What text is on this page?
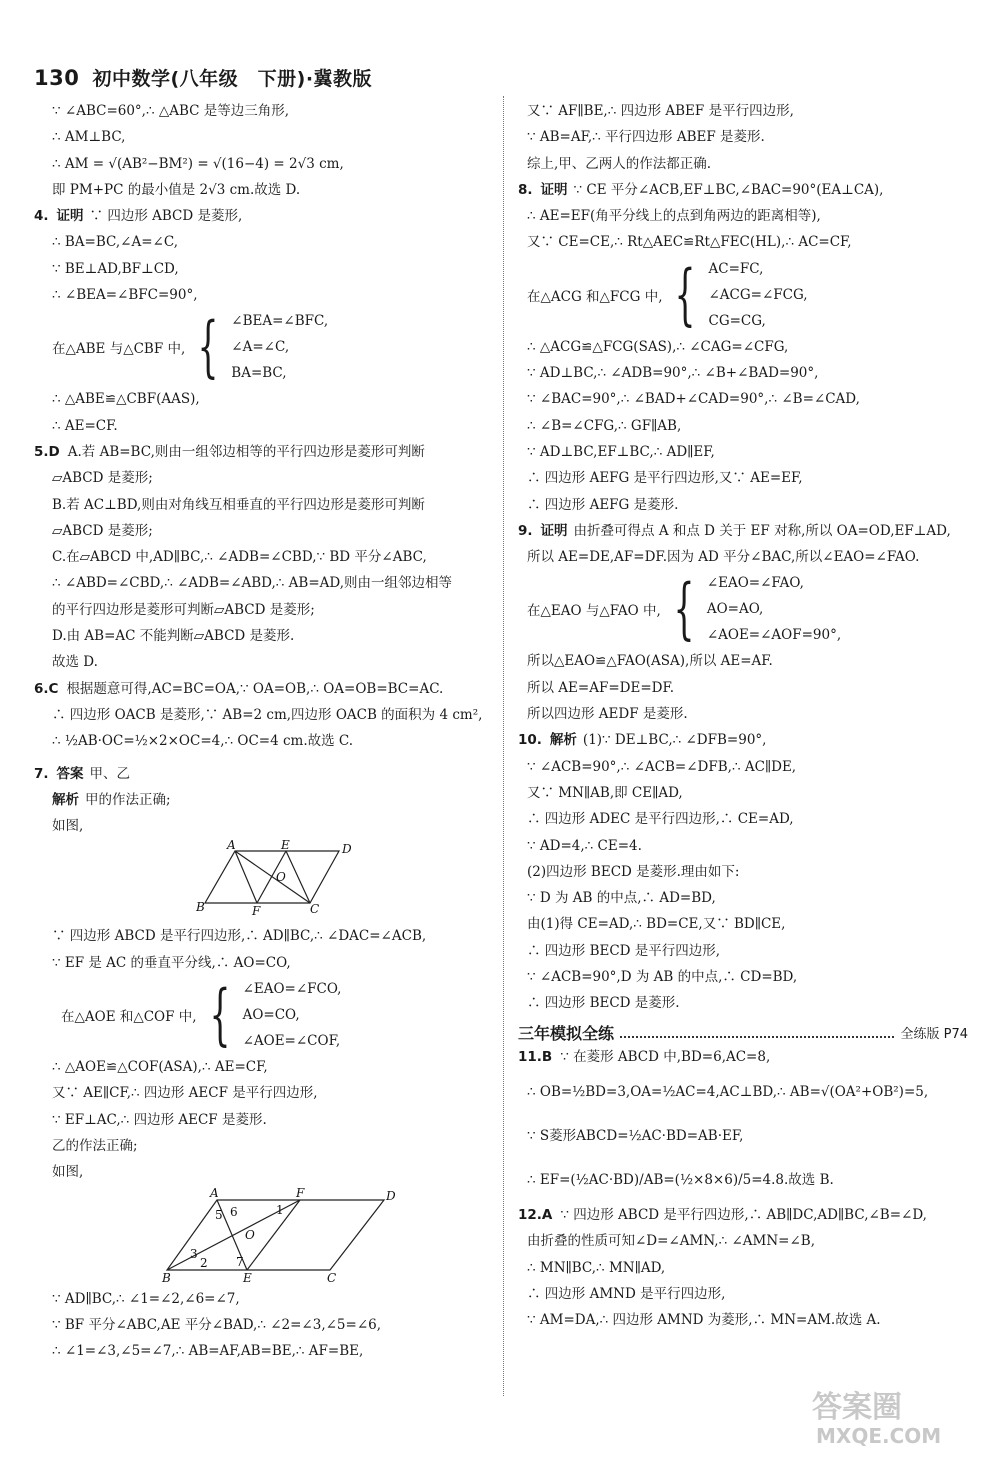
130 初中数学(八年级　下册)·冀教版
∵ ∠ABC=60°,∴ △ABC 是等边三角形,
∴ AM⊥BC,
∴ AM = √(AB²−BM²) = √(16−4) = 2√3 cm,
即 PM+PC 的最小值是 2√3 cm.故选 D.
4. 证明 ∵ 四边形 ABCD 是菱形,
∴ BA=BC,∠A=∠C,
∵ BE⊥AD,BF⊥CD,
∴ ∠BEA=∠BFC=90°,
在△ABE 与△CBF 中, { ∠BEA=∠BFC,
∠A=∠C,
BA=BC,
∴ △ABE≌△CBF(AAS),
∴ AE=CF.
5.D A.若 AB=BC,则由一组邻边相等的平行四边形是菱形可判断
▱ABCD 是菱形;
B.若 AC⊥BD,则由对角线互相垂直的平行四边形是菱形可判断
▱ABCD 是菱形;
C.在▱ABCD 中,AD∥BC,∴ ∠ADB=∠CBD,∵ BD 平分∠ABC,
∴ ∠ABD=∠CBD,∴ ∠ADB=∠ABD,∴ AB=AD,则由一组邻边相等
的平行四边形是菱形可判断▱ABCD 是菱形;
D.由 AB=AC 不能判断▱ABCD 是菱形.
故选 D.
6.C 根据题意可得,AC=BC=OA,∵ OA=OB,∴ OA=OB=BC=AC.
∴ 四边形 OACB 是菱形,∵ AB=2 cm,四边形 OACB 的面积为 4 cm²,
∴ ½AB·OC=½×2×OC=4,∴ OC=4 cm.故选 C.
7. 答案 甲、乙
解析 甲的作法正确;
如图,
A	E	D
O
B	F	C
∵ 四边形 ABCD 是平行四边形,∴ AD∥BC,∴ ∠DAC=∠ACB,
∵ EF 是 AC 的垂直平分线,∴ AO=CO,
在△AOE 和△COF 中, { ∠EAO=∠FCO,
AO=CO,
∠AOE=∠COF,
∴ △AOE≌△COF(ASA),∴ AE=CF,
又∵ AE∥CF,∴ 四边形 AECF 是平行四边形,
∵ EF⊥AC,∴ 四边形 AECF 是菱形.
乙的作法正确;
如图,
A	F	D
5 6	1
O
3
2 7
B	E	C
∵ AD∥BC,∴ ∠1=∠2,∠6=∠7,
∵ BF 平分∠ABC,AE 平分∠BAD,∴ ∠2=∠3,∠5=∠6,
∴ ∠1=∠3,∠5=∠7,∴ AB=AF,AB=BE,∴ AF=BE,
又∵ AF∥BE,∴ 四边形 ABEF 是平行四边形,
∵ AB=AF,∴ 平行四边形 ABEF 是菱形.
综上,甲、乙两人的作法都正确.
8. 证明 ∵ CE 平分∠ACB,EF⊥BC,∠BAC=90°(EA⊥CA),
∴ AE=EF(角平分线上的点到角两边的距离相等),
又∵ CE=CE,∴ Rt△AEC≌Rt△FEC(HL),∴ AC=CF,
在△ACG 和△FCG 中, { AC=FC,
∠ACG=∠FCG,
CG=CG,
∴ △ACG≌△FCG(SAS),∴ ∠CAG=∠CFG,
∵ AD⊥BC,∴ ∠ADB=90°,∴ ∠B+∠BAD=90°,
∵ ∠BAC=90°,∴ ∠BAD+∠CAD=90°,∴ ∠B=∠CAD,
∴ ∠B=∠CFG,∴ GF∥AB,
∵ AD⊥BC,EF⊥BC,∴ AD∥EF,
∴ 四边形 AEFG 是平行四边形,又∵ AE=EF,
∴ 四边形 AEFG 是菱形.
9. 证明 由折叠可得点 A 和点 D 关于 EF 对称,所以 OA=OD,EF⊥AD,
所以 AE=DE,AF=DF.因为 AD 平分∠BAC,所以∠EAO=∠FAO.
在△EAO 与△FAO 中, { ∠EAO=∠FAO,
AO=AO,
∠AOE=∠AOF=90°,
所以△EAO≌△FAO(ASA),所以 AE=AF.
所以 AE=AF=DE=DF.
所以四边形 AEDF 是菱形.
10. 解析 (1)∵ DE⊥BC,∴ ∠DFB=90°,
∵ ∠ACB=90°,∴ ∠ACB=∠DFB,∴ AC∥DE,
又∵ MN∥AB,即 CE∥AD,
∴ 四边形 ADEC 是平行四边形,∴ CE=AD,
∵ AD=4,∴ CE=4.
(2)四边形 BECD 是菱形.理由如下:
∵ D 为 AB 的中点,∴ AD=BD,
由(1)得 CE=AD,∴ BD=CE,又∵ BD∥CE,
∴ 四边形 BECD 是平行四边形,
∵ ∠ACB=90°,D 为 AB 的中点,∴ CD=BD,
∴ 四边形 BECD 是菱形.
三年模拟全练	全练版 P74
11.B ∵ 在菱形 ABCD 中,BD=6,AC=8,
∴ OB=½BD=3,OA=½AC=4,AC⊥BD,∴ AB=√(OA²+OB²)=5,
∵ S菱形ABCD=½AC·BD=AB·EF,
∴ EF=(½AC·BD)/AB=(½×8×6)/5=4.8.故选 B.
12.A ∵ 四边形 ABCD 是平行四边形,∴ AB∥DC,AD∥BC,∠B=∠D,
由折叠的性质可知∠D=∠AMN,∴ ∠AMN=∠B,
∴ MN∥BC,∴ MN∥AD,
∴ 四边形 AMND 是平行四边形,
∵ AM=DA,∴ 四边形 AMND 为菱形,∴ MN=AM.故选 A.
答案圈
MXQE.COM
